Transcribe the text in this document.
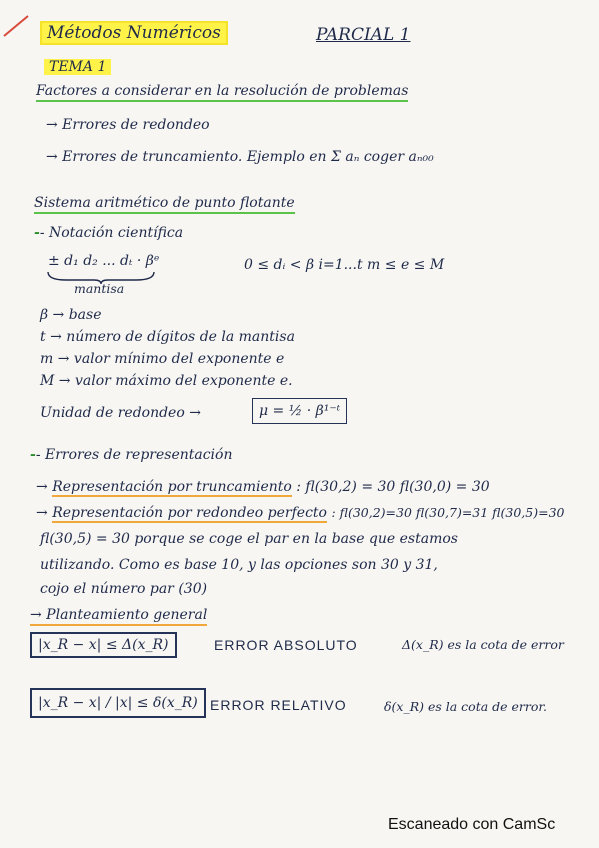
Métodos Numéricos	PARCIAL 1
TEMA 1
Factores a considerar en la resolución de problemas
→ Errores de redondeo
→ Errores de truncamiento. Ejemplo en Σ aₙ coger aₙ₀₀
Sistema aritmético de punto flotante
-- Notación científica
± d₁ d₂ ... dₜ · βᵉ
mantisa
0 ≤ dᵢ < β i=1...t m ≤ e ≤ M
β → base
t → número de dígitos de la mantisa
m → valor mínimo del exponente e
M → valor máximo del exponente e.
Unidad de redondeo →	μ = ½ · β¹⁻ᵗ
-- Errores de representación
→ Representación por truncamiento : fl(30,2) = 30 fl(30,0) = 30
→ Representación por redondeo perfecto : fl(30,2)=30 fl(30,7)=31 fl(30,5)=30
fl(30,5) = 30 porque se coge el par en la base que estamos
utilizando. Como es base 10, y las opciones son 30 y 31,
cojo el número par (30)
→ Planteamiento general
|x_R − x| ≤ Δ(x_R)	ERROR ABSOLUTO	Δ(x_R) es la cota de error
|x_R − x| / |x| ≤ δ(x_R) ERROR RELATIVO	δ(x_R) es la cota de error.
Escaneado con CamSc
